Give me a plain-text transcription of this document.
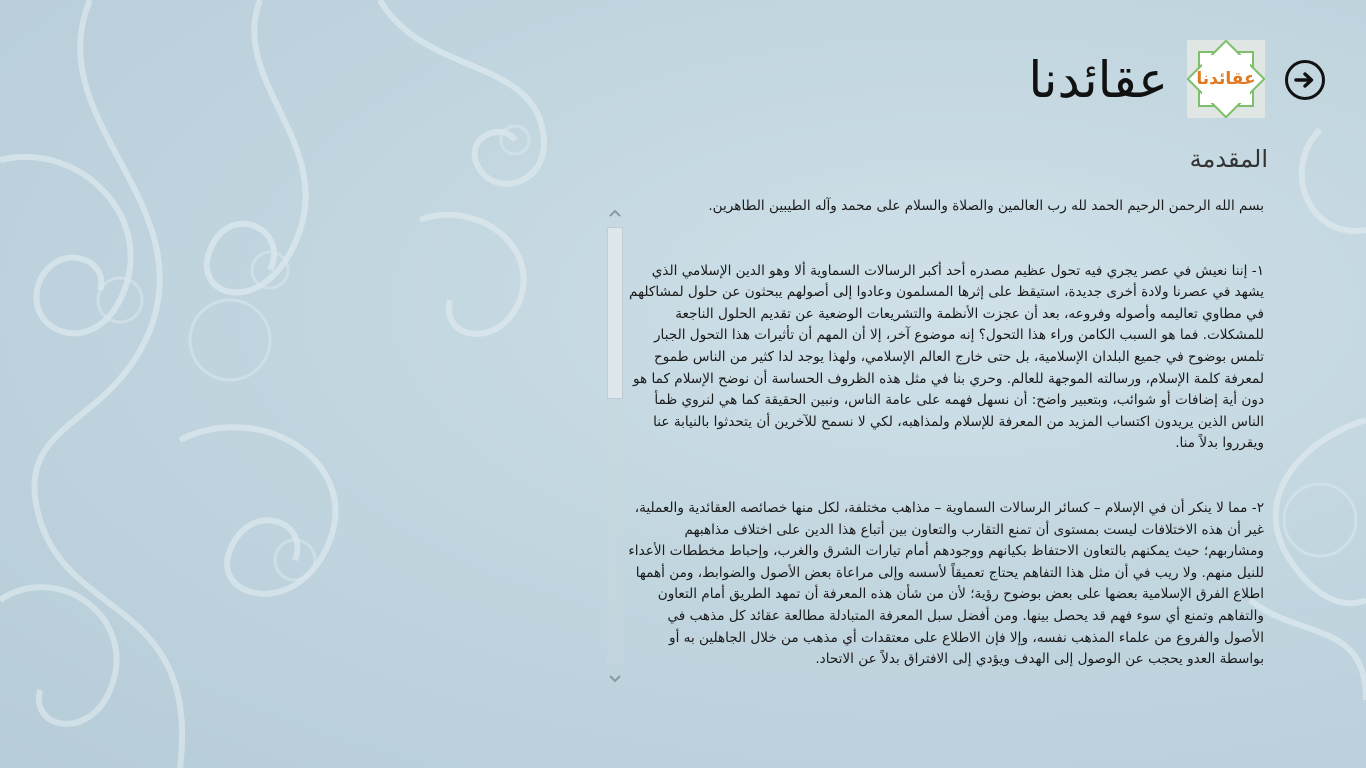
عقائدنا
عقائدنا
المقدمة

بسم الله الرحمن الرحيم الحمد لله رب العالمين والصلاة والسلام على محمد وآله الطيبين الطاهرين.

١- إننا نعيش في عصر يجري فيه تحول عظيم مصدره أحد أكبر الرسالات السماوية ألا وهو الدين الإسلامي الذي يشهد في عصرنا ولادة أخرى جديدة، استيقظ على إثرها المسلمون وعادوا إلى أصولهم يبحثون عن حلول لمشاكلهم في مطاوي تعاليمه وأصوله وفروعه، بعد أن عجزت الأنظمة والتشريعات الوضعية عن تقديم الحلول الناجعة للمشكلات. فما هو السبب الكامن وراء هذا التحول؟ إنه موضوع آخر، إلا أن المهم أن تأثيرات هذا التحول الجبار تلمس بوضوح في جميع البلدان الإسلامية، بل حتى خارج العالم الإسلامي، ولهذا يوجد لدا كثير من الناس طموح لمعرفة كلمة الإسلام، ورسالته الموجهة للعالم. وحري بنا في مثل هذه الظروف الحساسة أن نوضح الإسلام كما هو دون أية إضافات أو شوائب، وبتعبير واضح: أن نسهل فهمه على عامة الناس، ونبين الحقيقة كما هي لنروي ظمأ الناس الذين يريدون اكتساب المزيد من المعرفة للإسلام ولمذاهبه، لكي لا نسمح للآخرين أن يتحدثوا بالنيابة عنا ويقرروا بدلاً منا.

٢- مما لا ينكر أن في الإسلام – كسائر الرسالات السماوية – مذاهب مختلفة، لكل منها خصائصه العقائدية والعملية، غير أن هذه الاختلافات ليست بمستوى أن تمنع التقارب والتعاون بين أتباع هذا الدين على اختلاف مذاهبهم ومشاربهم؛ حيث يمكنهم بالتعاون الاحتفاظ بكيانهم ووجودهم أمام تيارات الشرق والغرب، وإحباط مخططات الأعداء للنيل منهم. ولا ريب في أن مثل هذا التفاهم يحتاج تعميقاً لأسسه وإلى مراعاة بعض الأصول والضوابط، ومن أهمها اطلاع الفرق الإسلامية بعضها على بعض بوضوح رؤية؛ لأن من شأن هذه المعرفة أن تمهد الطريق أمام التعاون والتفاهم وتمنع أي سوء فهم قد يحصل بينها. ومن أفضل سبل المعرفة المتبادلة مطالعة عقائد كل مذهب في الأصول والفروع من علماء المذهب نفسه، وإلا فإن الاطلاع على معتقدات أي مذهب من خلال الجاهلين به أو بواسطة العدو يحجب عن الوصول إلى الهدف ويؤدي إلى الافتراق بدلاً عن الاتحاد.
